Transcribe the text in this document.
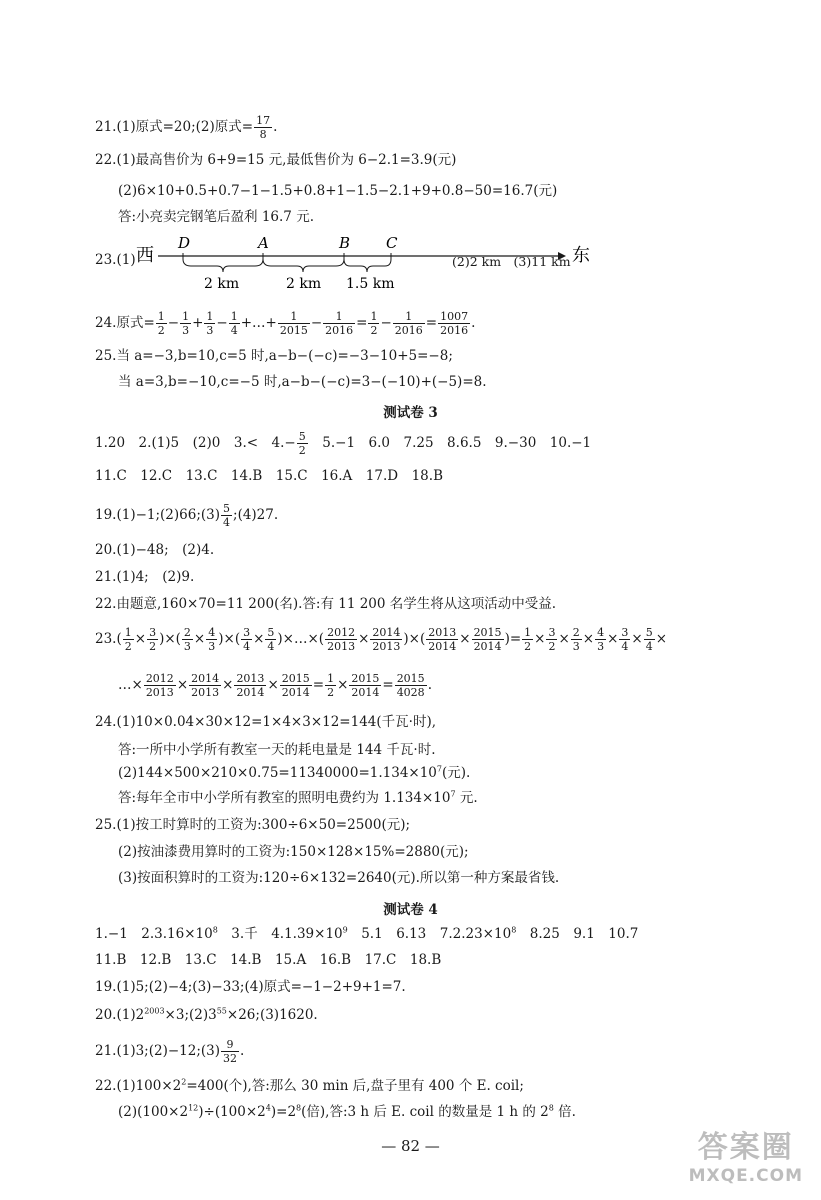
21.(1)原式=20;(2)原式= $\frac{17}{8}$ .
22.(1)最高售价为 6+9=15 元,最低售价为 6−2.1=3.9(元)
(2)6×10+0.5+0.7−1−1.5+0.8+1−1.5−2.1+9+0.8−50=16.7(元)
答:小亮卖完钢笔后盈利 16.7 元.
23.(1) 西	东
D	A	B C
2 km	2 km 1.5 km
(2)2 km　(3)11 km
24.原式= $\frac{1}{2} - \frac{1}{3} + \frac{1}{3} - \frac{1}{4}$ +…+ $\frac{1}{2015} - \frac{1}{2016} = \frac{1}{2} - \frac{1}{2016} = \frac{1007}{2016}$ .
25.当 a=−3,b=10,c=5 时,a−b−(−c)=−3−10+5=−8;
当 a=3,b=−10,c=−5 时,a−b−(−c)=3−(−10)+(−5)=8.
测试卷 3
1.20　2.(1)5　(2)0　3.<　$4.- \frac{5}{2}$ 　5.−1　6.0　7.25　8.6.5　9.−30　10.−1
11.C　12.C　13.C　14.B　15.C　16.A　17.D　18.B
19.(1)−1;(2)66;(3) $\frac{5}{4}$ ;(4)27.
20.(1)−48;　(2)4.
21.(1)4;　(2)9.
22.由题意,160×70=11 200(名).答:有 11 200 名学生将从这项活动中受益.
$23.( \frac{1}{2} \times \frac{3}{2}$ )×( $\frac{2}{3} \times \frac{4}{3}$ )×( $\frac{3}{4} \times \frac{5}{4}$ )×…×( $\frac{2012}{2013} \times \frac{2014}{2013}$ )×( $\frac{2013}{2014} \times \frac{2015}{2014}$ )= $\frac{1}{2} \times \frac{3}{2} \times \frac{2}{3} \times \frac{4}{3} \times \frac{3}{4} \times \frac{5}{4}$ ×
…× $\frac{2012}{2013} \times \frac{2014}{2013} \times \frac{2013}{2014} \times \frac{2015}{2014} = \frac{1}{2} \times \frac{2015}{2014} = \frac{2015}{4028}$ .
24.(1)10×0.04×30×12=1×4×3×12=144(千瓦·时),
答:一所中小学所有教室一天的耗电量是 144 千瓦·时.
$(2)144\times 500\times 210\times 0.75=11340000=1.134\times 10^7$(元).
答:每年全市中小学所有教室的照明电费约为 $1.134\times 10^7$ 元.
25.(1)按工时算时的工资为:300÷6×50=2500(元);
(2)按油漆费用算时的工资为:150×128×15%=2880(元);
(3)按面积算时的工资为:120÷6×132=2640(元).所以第一种方案最省钱.
测试卷 4
1.−1　$2.3.16\times 10^8$　3.千　$4.1.39\times 10^9$　5.1　6.13　$7.2.23\times 10^8$　8.25　9.1　10.7
11.B　12.B　13.C　14.B　15.A　16.B　17.C　18.B
19.(1)5;(2)−4;(3)−33;(4)原式=−1−2+9+1=7.
$20.(1)2^{2003}\times 3;(2)3^{55}\times 26;(3)1620$.
21.(1)3;(2)−12;(3) $\frac{9}{32}$ .
$22.(1)100\times 2^2=400$(个),答:那么 30 min 后,盘子里有 400 个 E. coil;
$(2)(100\times 2^{12})\div(100\times 2^4)=2^8$(倍),答:3 h 后 E. coil 的数量是 1 h 的 $2^8$ 倍.
— 82 —	答案圈
MXQE.COM
